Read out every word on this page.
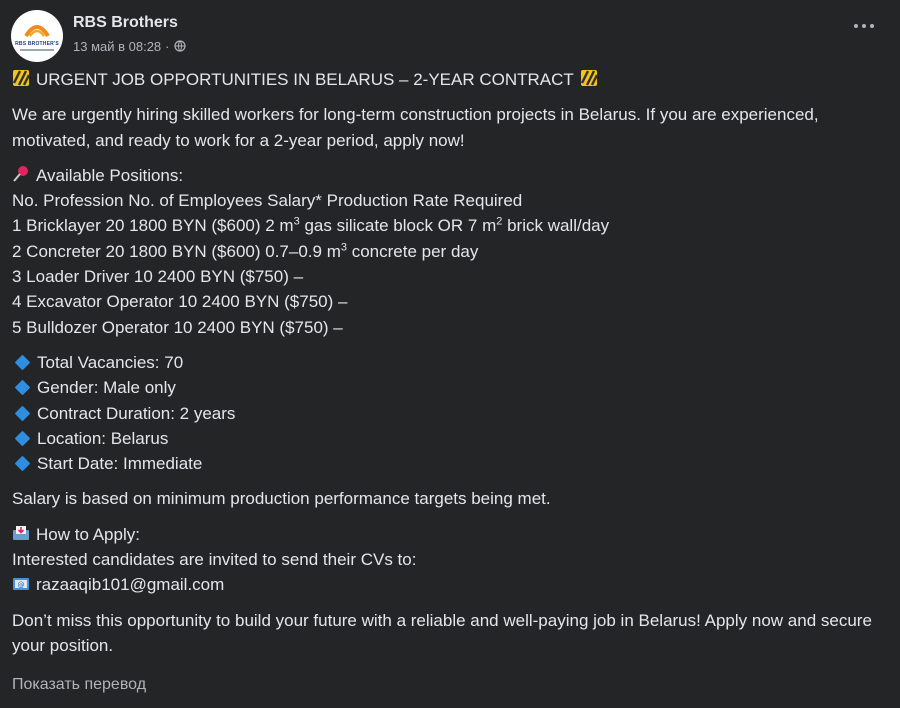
RBS BROTHER'S
RBS Brothers
13 май в 08:28 ·

URGENT JOB OPPORTUNITIES IN BELARUS – 2-YEAR CONTRACT

We are urgently hiring skilled workers for long-term construction projects in Belarus. If you are experienced, motivated, and ready to work for a 2-year period, apply now!

Available Positions:

No. Profession No. of Employees Salary* Production Rate Required

1 Bricklayer 20 1800 BYN ($600) 2 $m^3$ gas silicate block OR 7 $m^2$ brick wall/day

2 Concreter 20 1800 BYN ($600) 0.7–0.9 $m^3$ concrete per day

3 Loader Driver 10 2400 BYN ($750) –

4 Excavator Operator 10 2400 BYN ($750) –

5 Bulldozer Operator 10 2400 BYN ($750) –

Total Vacancies: 70

Gender: Male only

Contract Duration: 2 years

Location: Belarus

Start Date: Immediate

Salary is based on minimum production performance targets being met.

How to Apply:

Interested candidates are invited to send their CVs to:

@ razaaqib101@gmail.com

Don’t miss this opportunity to build your future with a reliable and well-paying job in Belarus! Apply now and secure your position.

Показать перевод
